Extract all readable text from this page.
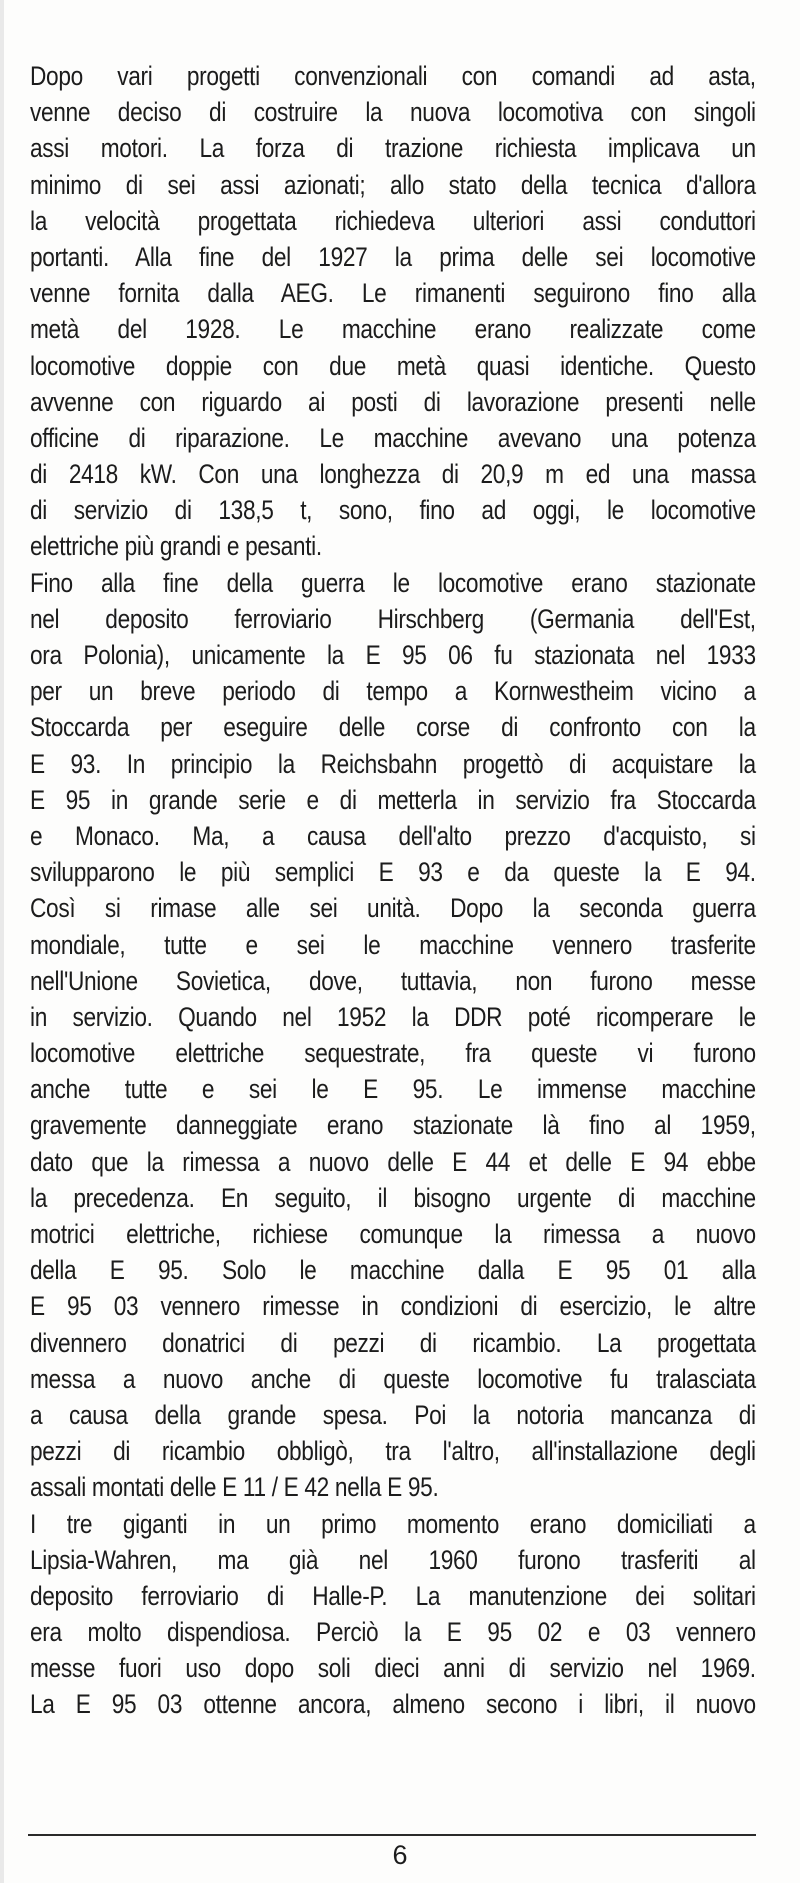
Dopo vari progetti convenzionali con comandi ad asta,
venne deciso di costruire la nuova locomotiva con singoli
assi motori. La forza di trazione richiesta implicava un
minimo di sei assi azionati; allo stato della tecnica d'allora
la velocità progettata richiedeva ulteriori assi conduttori
portanti. Alla fine del 1927 la prima delle sei locomotive
venne fornita dalla AEG. Le rimanenti seguirono fino alla
metà del 1928. Le macchine erano realizzate come
locomotive doppie con due metà quasi identiche. Questo
avvenne con riguardo ai posti di lavorazione presenti nelle
officine di riparazione. Le macchine avevano una potenza
di 2418 kW. Con una longhezza di 20,9 m ed una massa
di servizio di 138,5 t, sono, fino ad oggi, le locomotive
elettriche più grandi e pesanti.
Fino alla fine della guerra le locomotive erano stazionate
nel deposito ferroviario Hirschberg (Germania dell'Est,
ora Polonia), unicamente la E 95 06 fu stazionata nel 1933
per un breve periodo di tempo a Kornwestheim vicino a
Stoccarda per eseguire delle corse di confronto con la
E 93. In principio la Reichsbahn progettò di acquistare la
E 95 in grande serie e di metterla in servizio fra Stoccarda
e Monaco. Ma, a causa dell'alto prezzo d'acquisto, si
svilupparono le più semplici E 93 e da queste la E 94.
Così si rimase alle sei unità. Dopo la seconda guerra
mondiale, tutte e sei le macchine vennero trasferite
nell'Unione Sovietica, dove, tuttavia, non furono messe
in servizio. Quando nel 1952 la DDR poté ricomperare le
locomotive elettriche sequestrate, fra queste vi furono
anche tutte e sei le E 95. Le immense macchine
gravemente danneggiate erano stazionate là fino al 1959,
dato que la rimessa a nuovo delle E 44 et delle E 94 ebbe
la precedenza. En seguito, il bisogno urgente di macchine
motrici elettriche, richiese comunque la rimessa a nuovo
della E 95. Solo le macchine dalla E 95 01 alla
E 95 03 vennero rimesse in condizioni di esercizio, le altre
divennero donatrici di pezzi di ricambio. La progettata
messa a nuovo anche di queste locomotive fu tralasciata
a causa della grande spesa. Poi la notoria mancanza di
pezzi di ricambio obbligò, tra l'altro, all'installazione degli
assali montati delle E 11 / E 42 nella E 95.
I tre giganti in un primo momento erano domiciliati a
Lipsia-Wahren, ma già nel 1960 furono trasferiti al
deposito ferroviario di Halle-P. La manutenzione dei solitari
era molto dispendiosa. Perciò la E 95 02 e 03 vennero
messe fuori uso dopo soli dieci anni di servizio nel 1969.
La E 95 03 ottenne ancora, almeno secono i libri, il nuovo
6
